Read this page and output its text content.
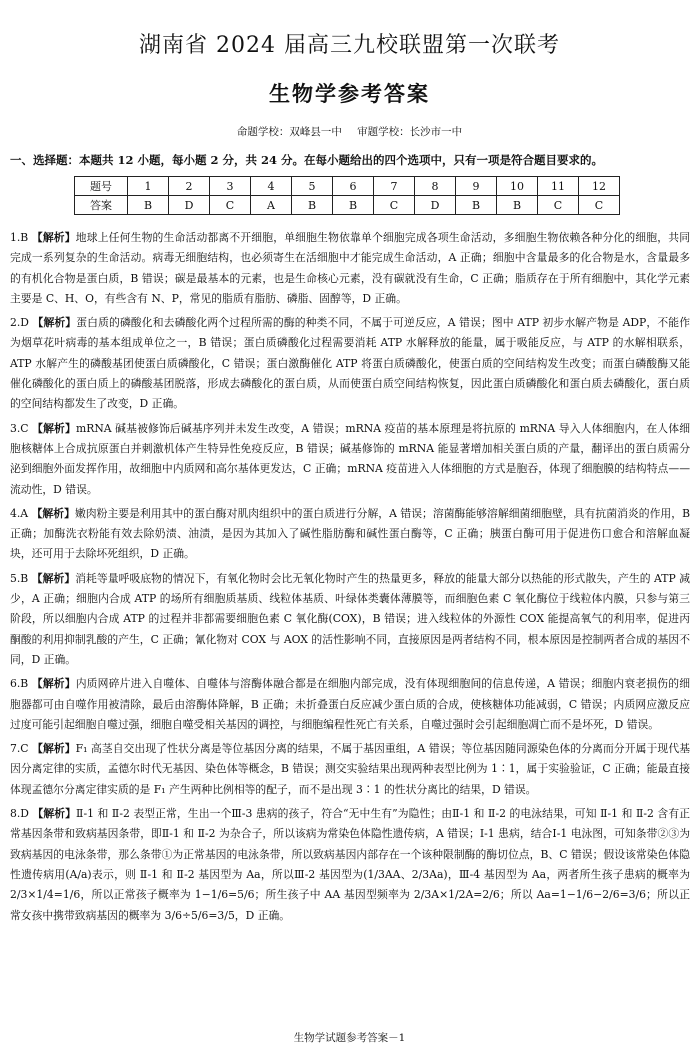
湖南省 2024 届高三九校联盟第一次联考
生物学参考答案
命题学校：双峰县一中 审题学校：长沙市一中
一、选择题：本题共 12 小题，每小题 2 分，共 24 分。在每小题给出的四个选项中，只有一项是符合题目要求的。
题号	1	2	3	4	5	6	7	8	9	10	11	12
答案	B	D	C	A	B	B	C	D	B	B	C	C
1.B 【解析】地球上任何生物的生命活动都离不开细胞，单细胞生物依靠单个细胞完成各项生命活动，多细胞生物依赖各种分化的细胞，共同完成一系列复杂的生命活动。病毒无细胞结构，也必须寄生在活细胞中才能完成生命活动，A 正确；细胞中含量最多的化合物是水，含量最多的有机化合物是蛋白质，B 错误；碳是最基本的元素，也是生命核心元素，没有碳就没有生命，C 正确；脂质存在于所有细胞中，其化学元素主要是 C、H、O，有些含有 N、P，常见的脂质有脂肪、磷脂、固醇等，D 正确。
2.D 【解析】蛋白质的磷酸化和去磷酸化两个过程所需的酶的种类不同，不属于可逆反应，A 错误；图中 ATP 初步水解产物是 ADP，不能作为烟草花叶病毒的基本组成单位之一，B 错误；蛋白质磷酸化过程需要消耗 ATP 水解释放的能量，属于吸能反应，与 ATP 的水解相联系，ATP 水解产生的磷酸基团使蛋白质磷酸化，C 错误；蛋白激酶催化 ATP 将蛋白质磷酸化，使蛋白质的空间结构发生改变；而蛋白磷酸酶又能催化磷酸化的蛋白质上的磷酸基团脱落，形成去磷酸化的蛋白质，从而使蛋白质空间结构恢复，因此蛋白质磷酸化和蛋白质去磷酸化，蛋白质的空间结构都发生了改变，D 正确。
3.C 【解析】mRNA 碱基被修饰后碱基序列并未发生改变，A 错误；mRNA 疫苗的基本原理是将抗原的 mRNA 导入人体细胞内，在人体细胞核糖体上合成抗原蛋白并刺激机体产生特异性免疫反应，B 错误；碱基修饰的 mRNA 能显著增加相关蛋白质的产量，翻译出的蛋白质需分泌到细胞外面发挥作用，故细胞中内质网和高尔基体更发达，C 正确；mRNA 疫苗进入人体细胞的方式是胞吞，体现了细胞膜的结构特点——流动性，D 错误。
4.A 【解析】嫩肉粉主要是利用其中的蛋白酶对肌肉组织中的蛋白质进行分解，A 错误；溶菌酶能够溶解细菌细胞壁，具有抗菌消炎的作用，B 正确；加酶洗衣粉能有效去除奶渍、油渍，是因为其加入了碱性脂肪酶和碱性蛋白酶等，C 正确；胰蛋白酶可用于促进伤口愈合和溶解血凝块，还可用于去除坏死组织，D 正确。
5.B 【解析】消耗等量呼吸底物的情况下，有氧化物时会比无氧化物时产生的热量更多，释放的能量大部分以热能的形式散失，产生的 ATP 减少，A 正确；细胞内合成 ATP 的场所有细胞质基质、线粒体基质、叶绿体类囊体薄膜等，而细胞色素 C 氧化酶位于线粒体内膜，只参与第三阶段，所以细胞内合成 ATP 的过程并非都需要细胞色素 C 氧化酶(COX)，B 错误；进入线粒体的外源性 COX 能提高氧气的利用率，促进丙酮酸的利用抑制乳酸的产生，C 正确；氰化物对 COX 与 AOX 的活性影响不同，直接原因是两者结构不同，根本原因是控制两者合成的基因不同，D 正确。
6.B 【解析】内质网碎片进入自噬体、自噬体与溶酶体融合都是在细胞内部完成，没有体现细胞间的信息传递，A 错误；细胞内衰老损伤的细胞器都可由自噬作用被清除，最后由溶酶体降解，B 正确；未折叠蛋白反应减少蛋白质的合成，使核糖体功能减弱，C 错误；内质网应激反应过度可能引起细胞自噬过强，细胞自噬受相关基因的调控，与细胞编程性死亡有关系，自噬过强时会引起细胞凋亡而不是坏死，D 错误。
7.C 【解析】F₁ 高茎自交出现了性状分离是等位基因分离的结果，不属于基因重组，A 错误；等位基因随同源染色体的分离而分开属于现代基因分离定律的实质，孟德尔时代无基因、染色体等概念，B 错误；测交实验结果出现两种表型比例为 1∶1，属于实验验证，C 正确；能最直接体现孟德尔分离定律实质的是 F₁ 产生两种比例相等的配子，而不是出现 3∶1 的性状分离比的结果，D 错误。
8.D 【解析】Ⅱ-1 和 Ⅱ-2 表型正常，生出一个Ⅲ-3 患病的孩子，符合“无中生有”为隐性；由Ⅱ-1 和 Ⅱ-2 的电泳结果，可知 Ⅱ-1 和 Ⅱ-2 含有正常基因条带和致病基因条带，即Ⅱ-1 和 Ⅱ-2 为杂合子，所以该病为常染色体隐性遗传病，A 错误；Ⅰ-1 患病，结合Ⅰ-1 电泳图，可知条带②③为致病基因的电泳条带，那么条带①为正常基因的电泳条带，所以致病基因内部存在一个该种限制酶的酶切位点，B、C 错误；假设该常染色体隐性遗传病用(A/a)表示，则 Ⅱ-1 和 Ⅱ-2 基因型为 Aa，所以Ⅲ-2 基因型为(1/3AA、2/3Aa)，Ⅲ-4 基因型为 Aa，两者所生孩子患病的概率为 2/3×1/4=1/6，所以正常孩子概率为 1−1/6=5/6；所生孩子中 AA 基因型频率为 2/3A×1/2A=2/6；所以 Aa=1−1/6−2/6=3/6；所以正常女孩中携带致病基因的概率为 3/6÷5/6=3/5，D 正确。
生物学试题参考答案－1
